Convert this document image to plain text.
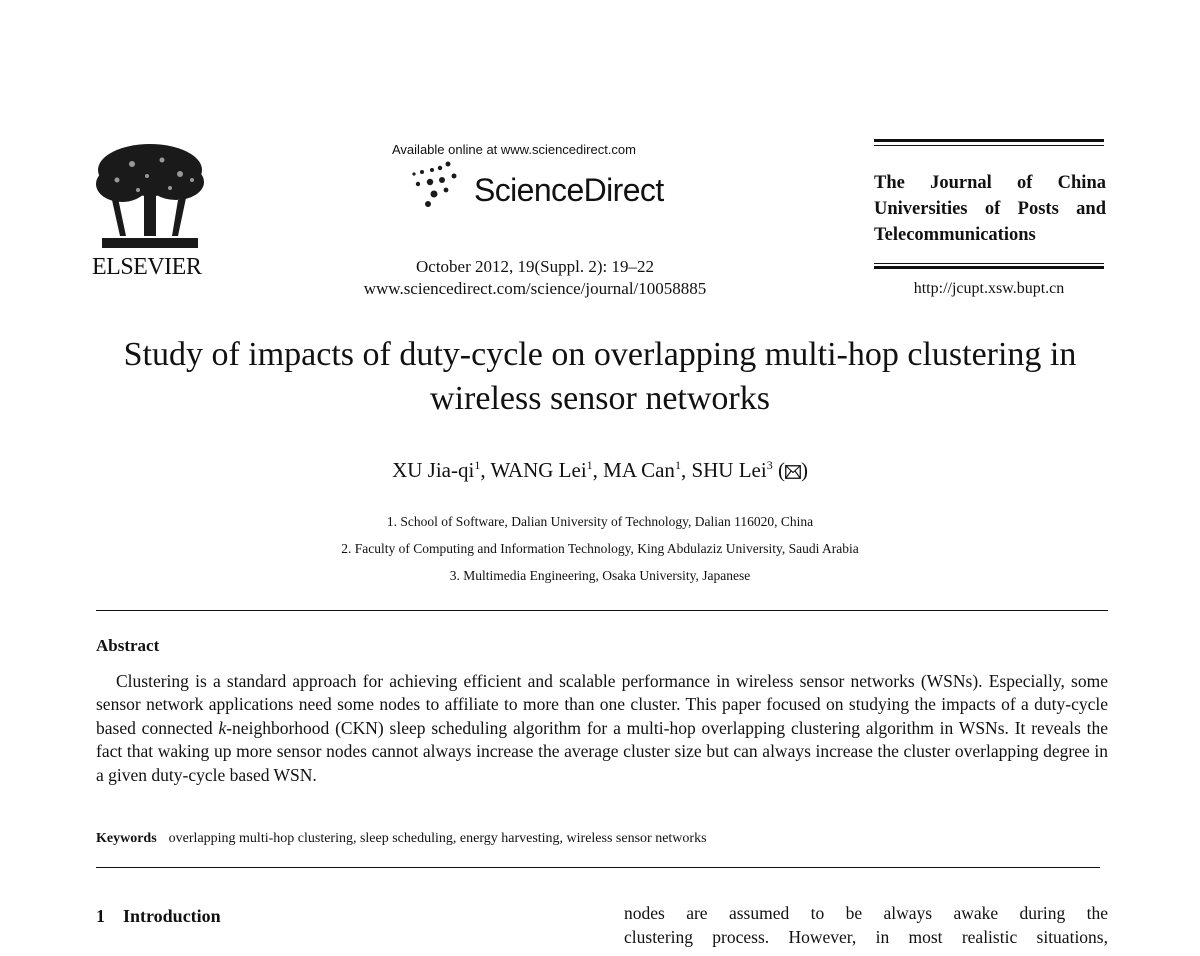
ELSEVIER
Available online at www.sciencedirect.com
ScienceDirect
October 2012, 19(Suppl. 2): 19–22
www.sciencedirect.com/science/journal/10058885
The Journal of China Universities of Posts and Telecommunications
http://jcupt.xsw.bupt.cn
Study of impacts of duty-cycle on overlapping multi-hop clustering in wireless sensor networks
XU Jia-$qi^1$, WANG Lei$^1$, MA Can$^1$, SHU Lei$^3$ ( )
1. School of Software, Dalian University of Technology, Dalian 116020, China
2. Faculty of Computing and Information Technology, King Abdulaziz University, Saudi Arabia
3. Multimedia Engineering, Osaka University, Japanese
Abstract
Clustering is a standard approach for achieving efficient and scalable performance in wireless sensor networks (WSNs). Especially, some sensor network applications need some nodes to affiliate to more than one cluster. This paper focused on studying the impacts of a duty-cycle based connected k-neighborhood (CKN) sleep scheduling algorithm for a multi-hop overlapping clustering algorithm in WSNs. It reveals the fact that waking up more sensor nodes cannot always increase the average cluster size but can always increase the cluster overlapping degree in a given duty-cycle based WSN.
Keywords overlapping multi-hop clustering, sleep scheduling, energy harvesting, wireless sensor networks
1 Introduction	nodes are assumed to be always awake during the
clustering process. However, in most realistic situations,
